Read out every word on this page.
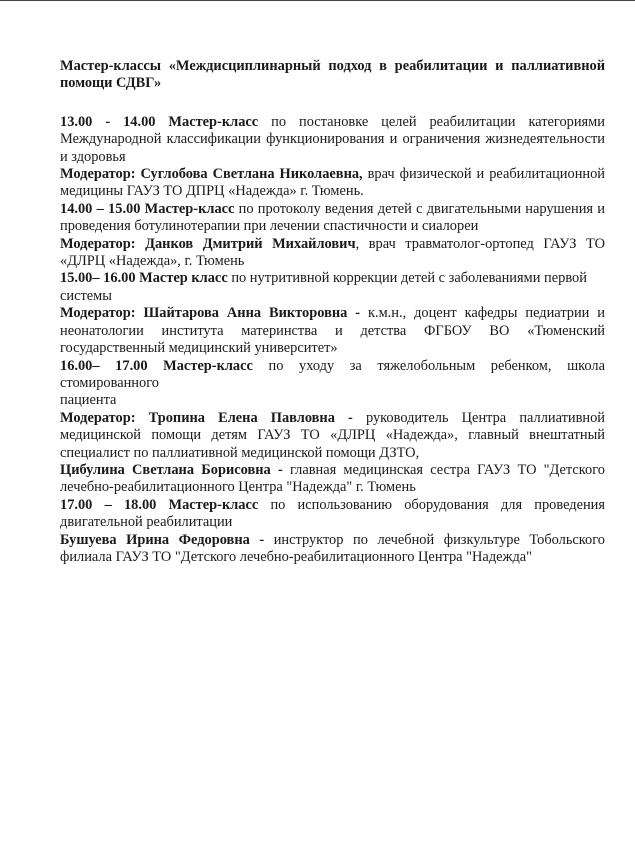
Мастер-классы «Междисциплинарный подход в реабилитации и паллиативной помощи СДВГ»

13.00 - 14.00 Мастер-класс по постановке целей реабилитации категориями Международной классификации функционирования и ограничения жизнедеятельности и здоровья

Модератор: Суглобова Светлана Николаевна, врач физической и реабилитационной медицины ГАУЗ ТО ДПРЦ «Надежда» г. Тюмень.

14.00 – 15.00 Мастер-класс по протоколу ведения детей с двигательными нарушения и проведения ботулинотерапии при лечении спастичности и сиалореи

Модератор: Данков Дмитрий Михайлович, врач травматолог-ортопед ГАУЗ ТО «ДЛРЦ «Надежда», г. Тюмень

15.00– 16.00 Мастер класс по нутритивной коррекции детей с заболеваниями первой
системы

Модератор: Шайтарова Анна Викторовна - к.м.н., доцент кафедры педиатрии и неонатологии института материнства и детства ФГБОУ ВО «Тюменский государственный медицинский университет»

16.00– 17.00 Мастер-класс по уходу за тяжелобольным ребенком, школа стомированного
пациента

Модератор: Тропина Елена Павловна - руководитель Центра паллиативной медицинской помощи детям ГАУЗ ТО «ДЛРЦ «Надежда», главный внештатный специалист по паллиативной медицинской помощи ДЗТО,

Цибулина Светлана Борисовна - главная медицинская сестра ГАУЗ ТО "Детского лечебно-реабилитационного Центра "Надежда" г. Тюмень

17.00 – 18.00 Мастер-класс по использованию оборудования для проведения двигательной реабилитации

Бушуева Ирина Федоровна - инструктор по лечебной физкультуре Тобольского филиала ГАУЗ ТО "Детского лечебно-реабилитационного Центра "Надежда"
